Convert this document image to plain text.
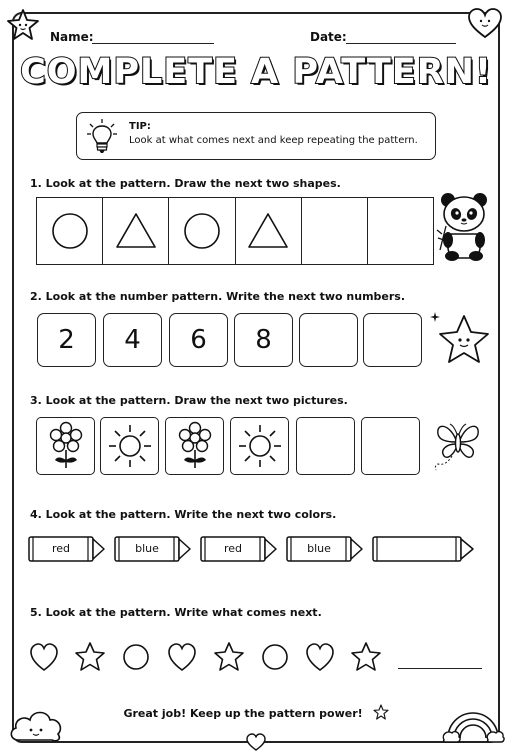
Name:	Date:
COMPLETE A PATTERN!
TIP:
Look at what comes next and keep repeating the pattern.
1. Look at the pattern. Draw the next two shapes.
2. Look at the number pattern. Write the next two numbers.
2	4	6	8
3. Look at the pattern. Draw the next two pictures.
4. Look at the pattern. Write the next two colors.
red	blue	red	blue
5. Look at the pattern. Write what comes next.
Great job! Keep up the pattern power!
